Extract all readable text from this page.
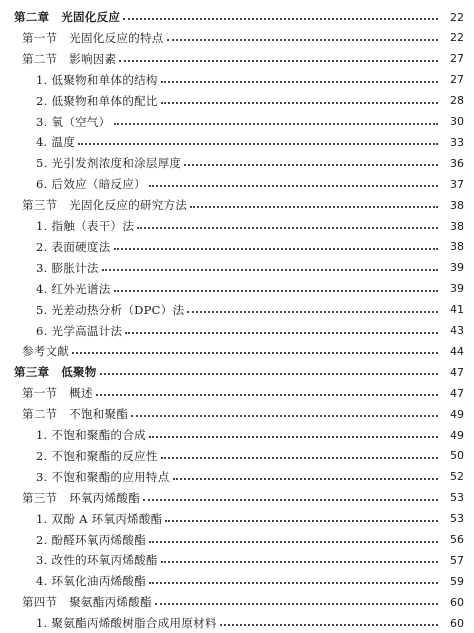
第二章　光固化反应	22
第一节　光固化反应的特点	22
第二节　影响因素	27
1. 低聚物和单体的结构	27
2. 低聚物和单体的配比	28
3. 氧（空气）	30
4. 温度	33
5. 光引发剂浓度和涂层厚度	36
6. 后效应（暗反应）	37
第三节　光固化反应的研究方法	38
1. 指触（表干）法	38
2. 表面硬度法	38
3. 膨胀计法	39
4. 红外光谱法	39
5. 光差动热分析（DPC）法	41
6. 光学高温计法	43
参考文献	44
第三章　低聚物	47
第一节　概述	47
第二节　不饱和聚酯	49
1. 不饱和聚酯的合成	49
2. 不饱和聚酯的反应性	50
3. 不饱和聚酯的应用特点	52
第三节　环氧丙烯酸酯	53
1. 双酚 A 环氧丙烯酸酯	53
2. 酚醛环氧丙烯酸酯	56
3. 改性的环氧丙烯酸酯	57
4. 环氧化油丙烯酸酯	59
第四节　聚氨酯丙烯酸酯	60
1. 聚氨酯丙烯酸树脂合成用原材料	60
